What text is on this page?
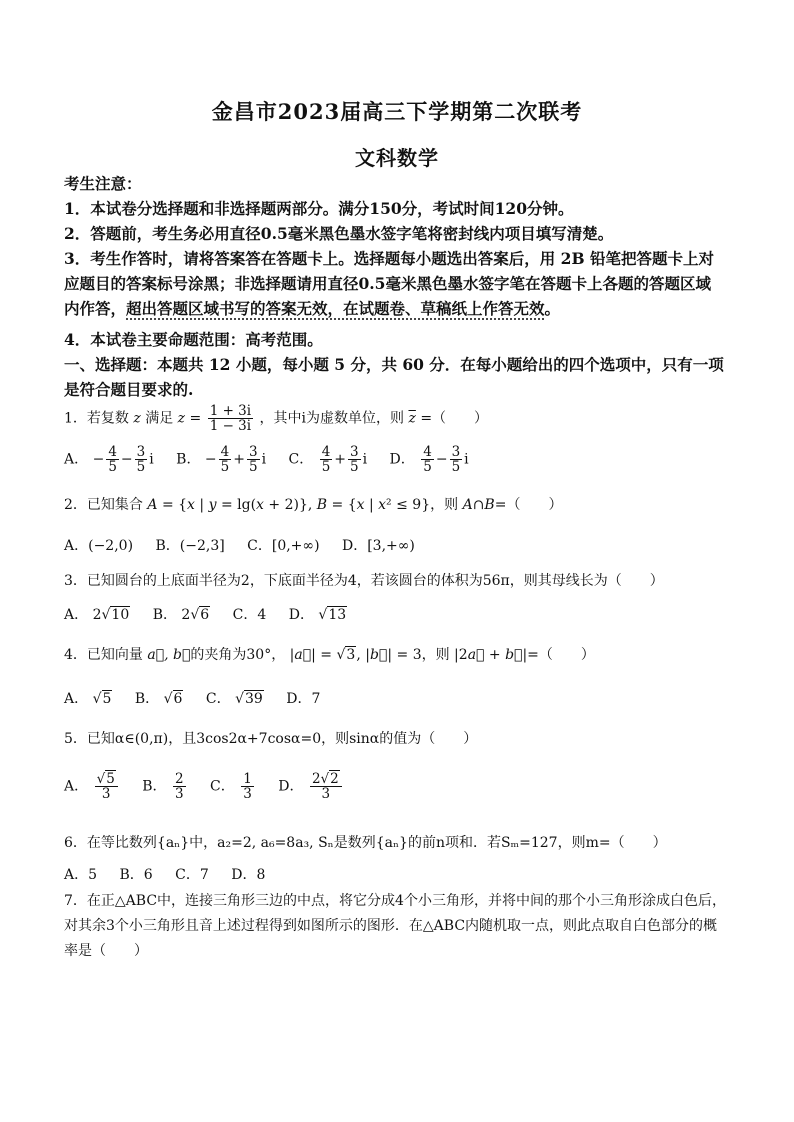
金昌市2023届高三下学期第二次联考
文科数学
考生注意：
1．本试卷分选择题和非选择题两部分。满分150分，考试时间120分钟。
2．答题前，考生务必用直径0.5毫米黑色墨水签字笔将密封线内项目填写清楚。
3．考生作答时，请将答案答在答题卡上。选择题每小题选出答案后，用 2B 铅笔把答题卡上对
应题目的答案标号涂黑；非选择题请用直径0.5毫米黑色墨水签字笔在答题卡上各题的答题区域
内作答，超出答题区域书写的答案无效，在试题卷、草稿纸上作答无效。
4．本试卷主要命题范围：高考范围。
一、选择题：本题共 12 小题，每小题 5 分，共 60 分．在每小题给出的四个选项中，只有一项
是符合题目要求的.
1．若复数 z 满足 $z = \frac{1 + 3i}{1 - 3i}$ ，其中i为虚数单位，则 $\overline{z}$ =（　　）
A． − $\frac{4}{5} - \frac{3}{5}$ i B． − $\frac{4}{5} + \frac{3}{5}$ i C． $\frac{4}{5} + \frac{3}{5}$ i D． $\frac{4}{5} - \frac{3}{5}$ i
2．已知集合 A = {x | y = lg(x + 2)}, B = {x | x² ≤ 9}，则 A∩B=（　　）
A．(−2,0) B．(−2,3] C．[0,+∞) D．[3,+∞)
3．已知圆台的上底面半径为2，下底面半径为4，若该圆台的体积为56π，则其母线长为（　　）
A． 2√10 B． 2√6 C．4 D． √13
4．已知向量 a⃗, b⃗的夹角为30°， |a⃗| = √3, |b⃗| = 3，则 |2a⃗ + b⃗|=（　　）
A． √5 B． √6 C． √39 D．7
5．已知α∈(0,π)，且3cos2α+7cosα=0，则sinα的值为（　　）
A． $\frac{√5}{3}$ B． $\frac{2}{3}$ C． $\frac{1}{3}$ D． $\frac{2√2}{3}$
6．在等比数列{aₙ}中，a₂=2, a₆=8a₃, Sₙ是数列{aₙ}的前n项和．若Sₘ=127，则m=（　　）
A．5 B．6 C．7 D．8
7．在正△ABC中，连接三角形三边的中点，将它分成4个小三角形，并将中间的那个小三角形涂成白色后，
对其余3个小三角形且音上述过程得到如图所示的图形．在△ABC内随机取一点，则此点取自白色部分的概
率是（　　）
